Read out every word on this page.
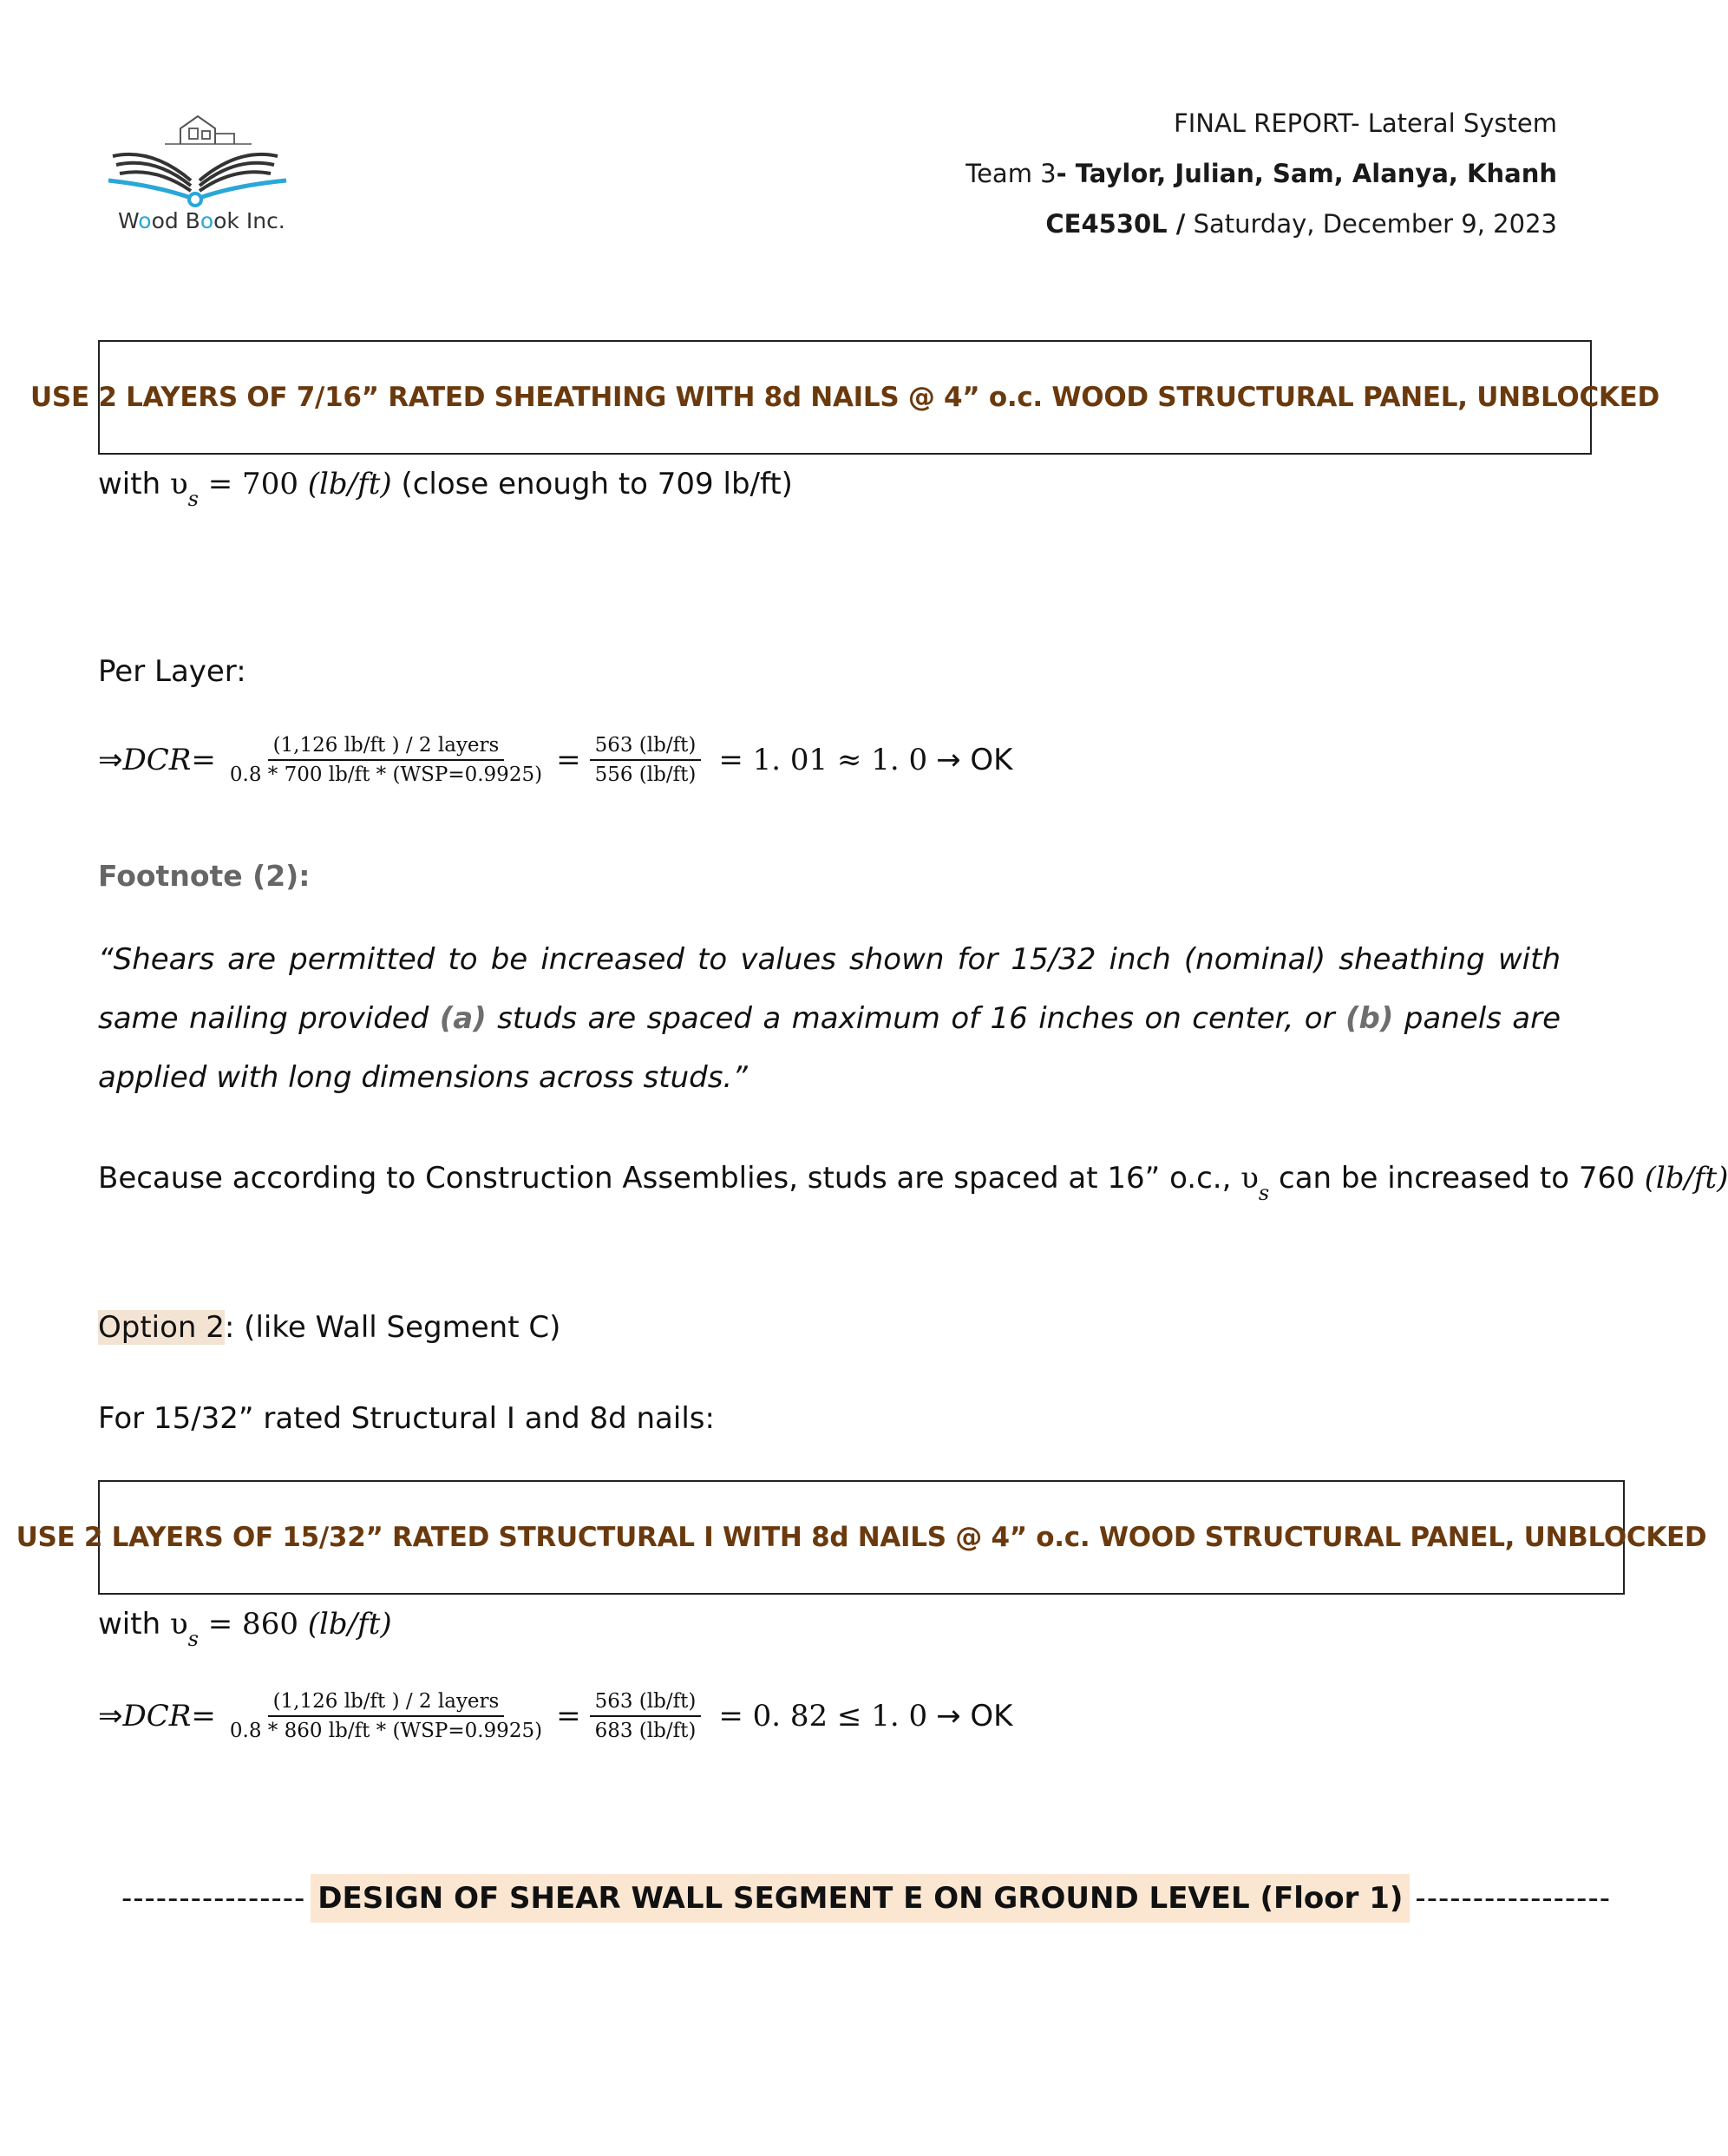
Wood Book Inc.
FINAL REPORT- Lateral System
Team 3- Taylor, Julian, Sam, Alanya, Khanh
CE4530L / Saturday, December 9, 2023
USE 2 LAYERS OF 7/16” RATED SHEATHING WITH 8d NAILS @ 4” o.c. WOOD STRUCTURAL PANEL, UNBLOCKED
with $\upsilon_s = 700$ (lb/ft) (close enough to 709 lb/ft)
Per Layer:
⇒ DCR = $\frac{\text{(1,126 lb/ft ) / 2 layers}}{\text{0.8 * 700 lb/ft * (WSP=0.9925)}} = \frac{563 (lb/ft)}{556 (lb/ft)} = 1$. 01 ≈ 1. 0 → OK
Footnote (2):
“Shears are permitted to be increased to values shown for 15/32 inch (nominal) sheathing with same nailing provided (a) studs are spaced a maximum of 16 inches on center, or (b) panels are applied with long dimensions across studs.”
Because according to Construction Assemblies, studs are spaced at 16” o.c., $\upsilon_s$ can be increased to 760 (lb/ft)
Option 2: (like Wall Segment C)
For 15/32” rated Structural I and 8d nails:
USE 2 LAYERS OF 15/32” RATED STRUCTURAL I WITH 8d NAILS @ 4” o.c. WOOD STRUCTURAL PANEL, UNBLOCKED
with $\upsilon_s = 860$ (lb/ft)
⇒ DCR = $\frac{\text{(1,126 lb/ft ) / 2 layers}}{\text{0.8 * 860 lb/ft * (WSP=0.9925)}} = \frac{563 (lb/ft)}{683 (lb/ft)} = 0$. 82 ≤ 1. 0 → OK
---------------- DESIGN OF SHEAR WALL SEGMENT E ON GROUND LEVEL (Floor 1) -----------------
